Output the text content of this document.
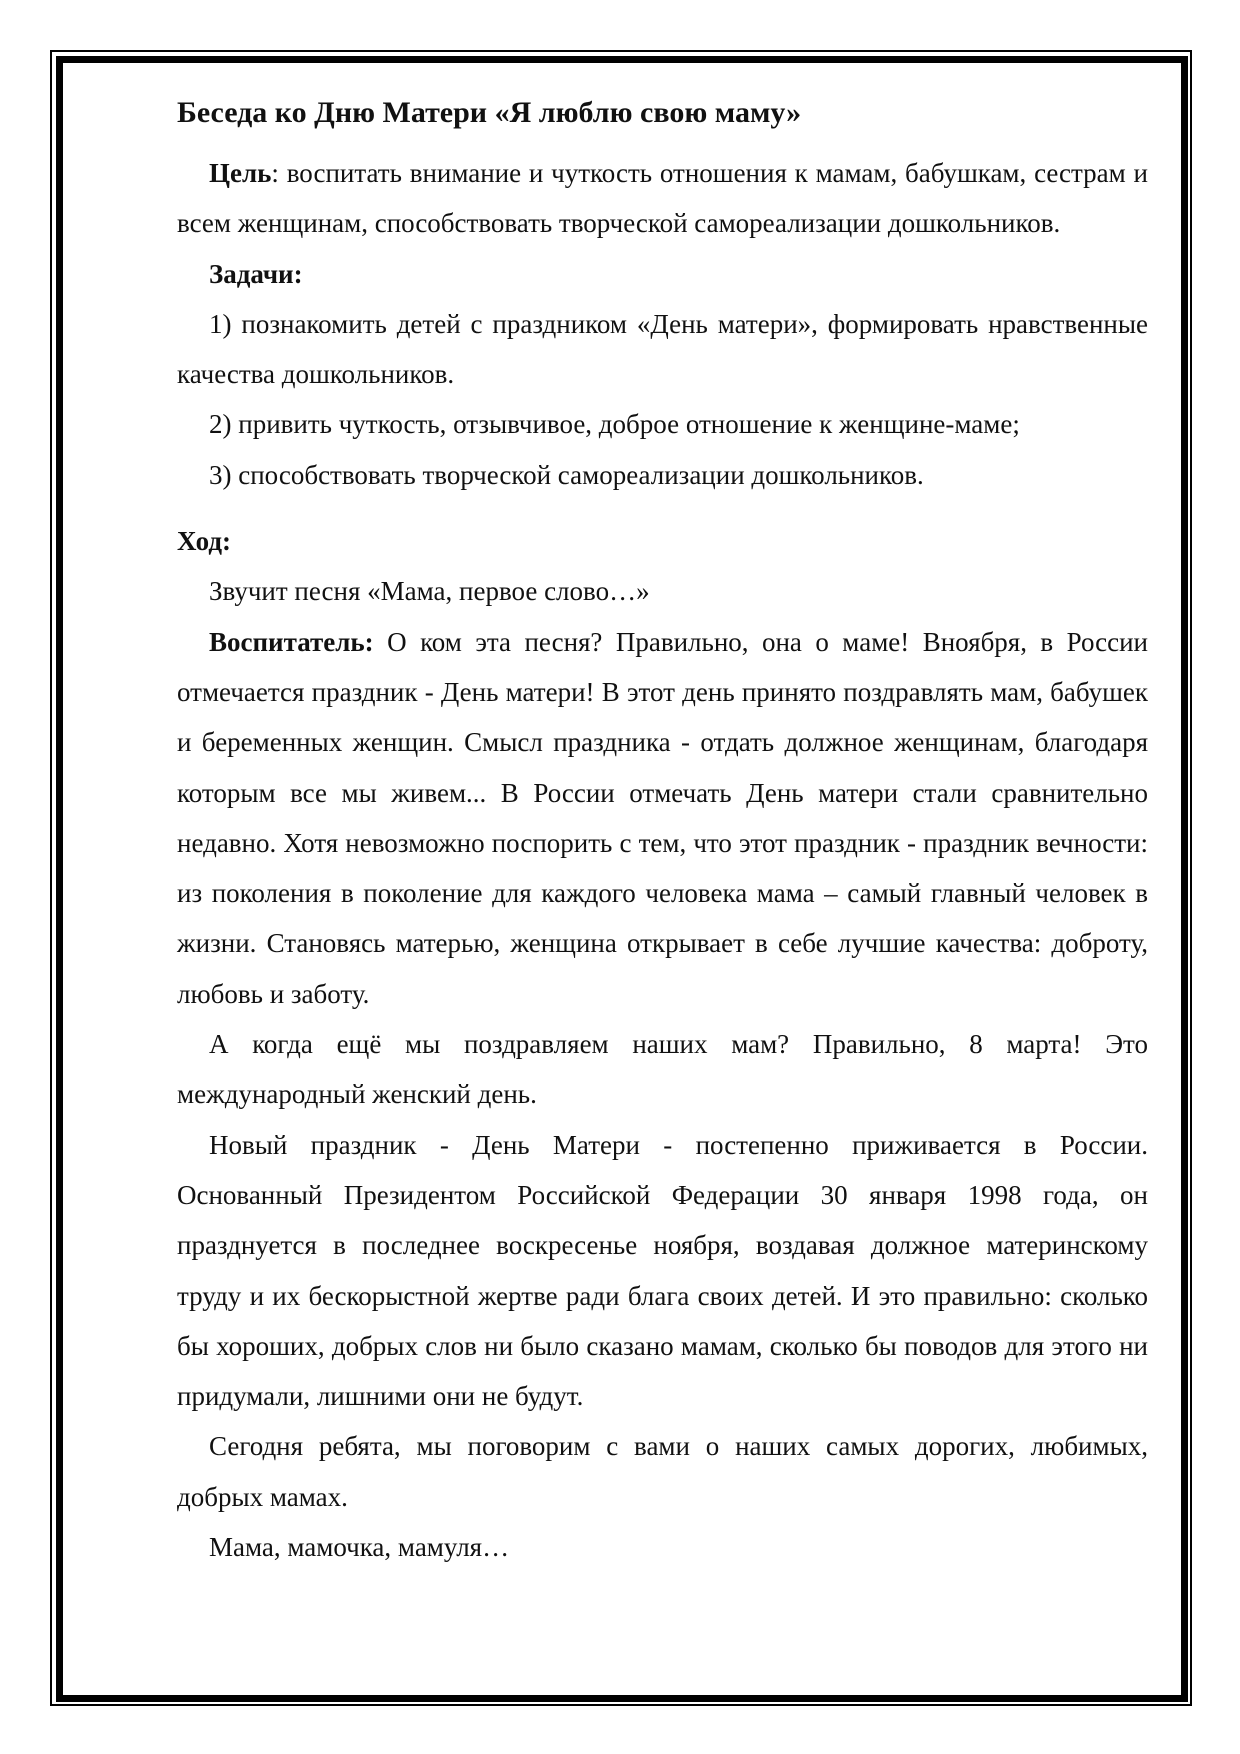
Беседа ко Дню Матери «Я люблю свою маму»

Цель: воспитать внимание и чуткость отношения к мамам, бабушкам, сестрам и всем женщинам, способствовать творческой самореализации дошкольников.

Задачи:

1) познакомить детей с праздником «День матери», формировать нравственные качества дошкольников.

2) привить чуткость, отзывчивое, доброе отношение к женщине-маме;

3) способствовать творческой самореализации дошкольников.

Ход:

Звучит песня «Мама, первое слово…»

Воспитатель: О ком эта песня? Правильно, она о маме! Вноября, в России отмечается праздник - День матери! В этот день принято поздравлять мам, бабушек и беременных женщин. Смысл праздника - отдать должное женщинам, благодаря которым все мы живем... В России отмечать День матери стали сравнительно недавно. Хотя невозможно поспорить с тем, что этот праздник - праздник вечности: из поколения в поколение для каждого человека мама – самый главный человек в жизни. Становясь матерью, женщина открывает в себе лучшие качества: доброту, любовь и заботу.

А когда ещё мы поздравляем наших мам? Правильно, 8 марта! Это международный женский день.

Новый праздник - День Матери - постепенно приживается в России. Основанный Президентом Российской Федерации 30 января 1998 года, он празднуется в последнее воскресенье ноября, воздавая должное материнскому труду и их бескорыстной жертве ради блага своих детей. И это правильно: сколько бы хороших, добрых слов ни было сказано мамам, сколько бы поводов для этого ни придумали, лишними они не будут.

Сегодня ребята, мы поговорим с вами о наших самых дорогих, любимых, добрых мамах.

Мама, мамочка, мамуля…
